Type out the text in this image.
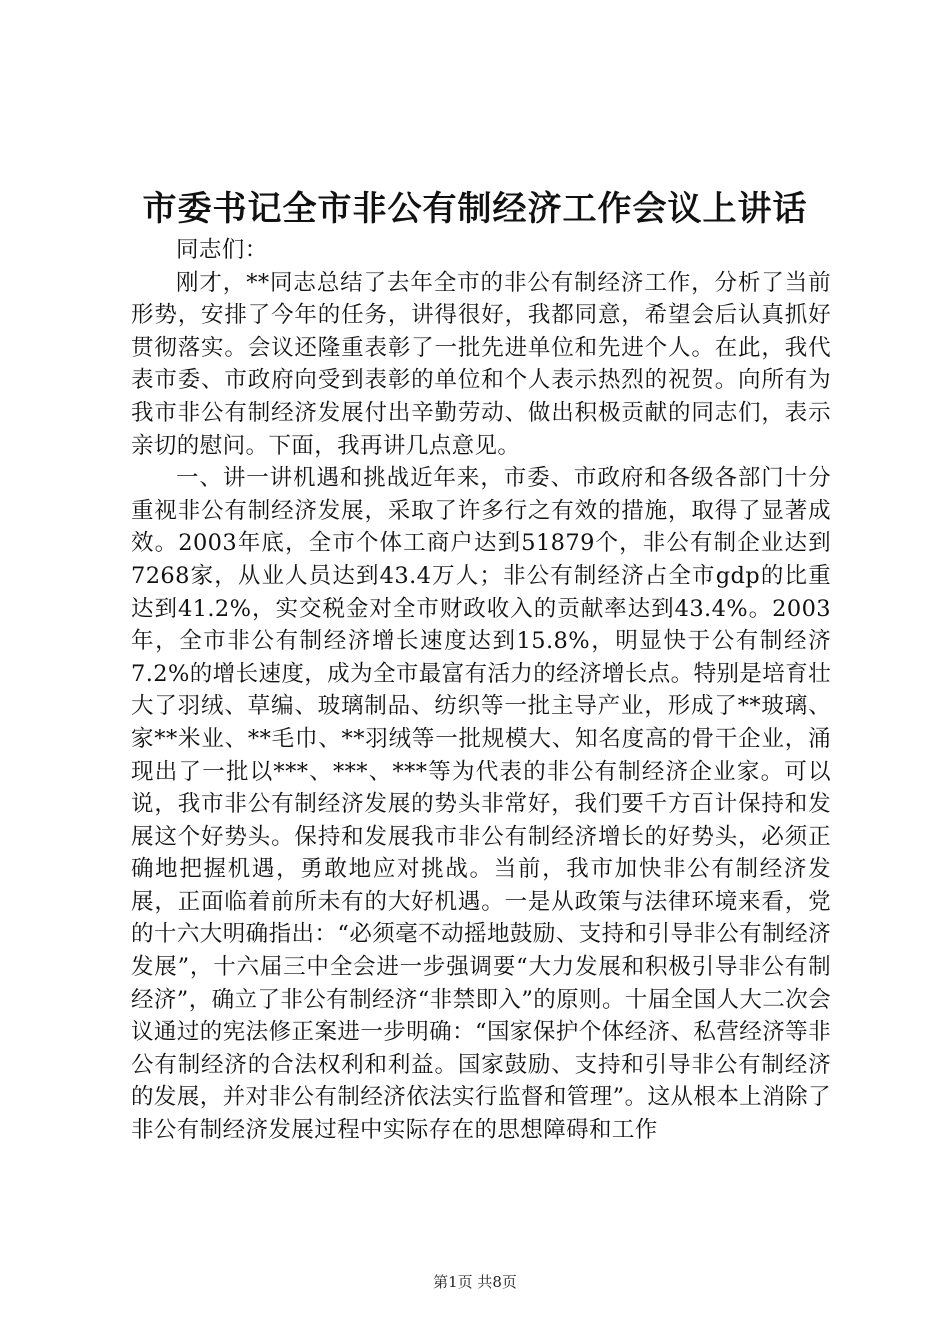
市委书记全市非公有制经济工作会议上讲话

同志们：

刚才，**同志总结了去年全市的非公有制经济工作，分析了当前形势，安排了今年的任务，讲得很好，我都同意，希望会后认真抓好贯彻落实。会议还隆重表彰了一批先进单位和先进个人。在此，我代表市委、市政府向受到表彰的单位和个人表示热烈的祝贺。向所有为我市非公有制经济发展付出辛勤劳动、做出积极贡献的同志们，表示亲切的慰问。下面，我再讲几点意见。

一、讲一讲机遇和挑战近年来，市委、市政府和各级各部门十分重视非公有制经济发展，采取了许多行之有效的措施，取得了显著成效。2003年底，全市个体工商户达到51879个，非公有制企业达到7268家，从业人员达到43.4万人；非公有制经济占全市gdp的比重达到41.2%，实交税金对全市财政收入的贡献率达到43.4%。2003年，全市非公有制经济增长速度达到15.8%，明显快于公有制经济7.2%的增长速度，成为全市最富有活力的经济增长点。特别是培育壮大了羽绒、草编、玻璃制品、纺织等一批主导产业，形成了**玻璃、家**米业、**毛巾、**羽绒等一批规模大、知名度高的骨干企业，涌现出了一批以***、***、***等为代表的非公有制经济企业家。可以说，我市非公有制经济发展的势头非常好，我们要千方百计保持和发展这个好势头。保持和发展我市非公有制经济增长的好势头，必须正确地把握机遇，勇敢地应对挑战。当前，我市加快非公有制经济发展，正面临着前所未有的大好机遇。一是从政策与法律环境来看，党的十六大明确指出：“必须毫不动摇地鼓励、支持和引导非公有制经济发展”，十六届三中全会进一步强调要“大力发展和积极引导非公有制经济”，确立了非公有制经济“非禁即入”的原则。十届全国人大二次会议通过的宪法修正案进一步明确：“国家保护个体经济、私营经济等非公有制经济的合法权利和利益。国家鼓励、支持和引导非公有制经济的发展，并对非公有制经济依法实行监督和管理”。这从根本上消除了非公有制经济发展过程中实际存在的思想障碍和工作

第1页 共8页
